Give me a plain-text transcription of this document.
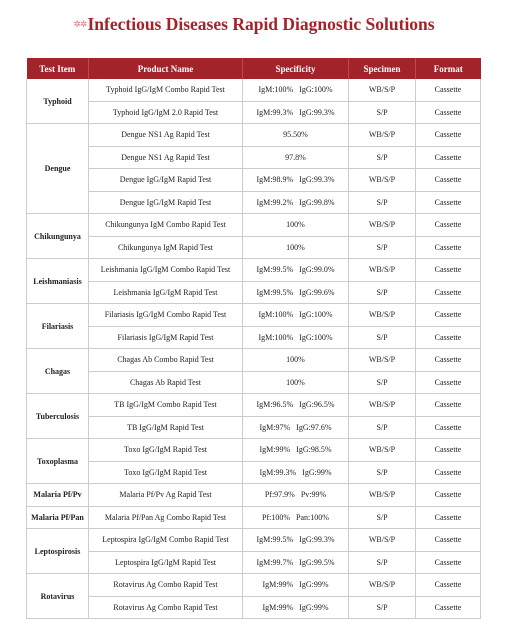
✲✲Infectious Diseases Rapid Diagnostic Solutions
Test Item	Product Name	Specificity	Specimen	Format
Typhoid	Typhoid IgG/IgM Combo Rapid Test	IgM:100%   IgG:100%	WB/S/P	Cassette
	Typhoid IgG/IgM 2.0 Rapid Test	IgM:99.3%   IgG:99.3%	S/P	Cassette
Dengue	Dengue NS1 Ag Rapid Test	95.50%	WB/S/P	Cassette
	Dengue NS1 Ag Rapid Test	97.8%	S/P	Cassette
	Dengue IgG/IgM Rapid Test	IgM:98.9%   IgG:99.3%	WB/S/P	Cassette
	Dengue IgG/IgM Rapid Test	IgM:99.2%   IgG:99.8%	S/P	Cassette
Chikungunya	Chikungunya IgM Combo Rapid Test	100%	WB/S/P	Cassette
	Chikungunya IgM Rapid Test	100%	S/P	Cassette
Leishmaniasis	Leishmania IgG/IgM Combo Rapid Test	IgM:99.5%   IgG:99.0%	WB/S/P	Cassette
	Leishmania IgG/IgM Rapid Test	IgM:99.5%   IgG:99.6%	S/P	Cassette
Filariasis	Filariasis IgG/IgM Combo Rapid Test	IgM:100%   IgG:100%	WB/S/P	Cassette
	Filariasis IgG/IgM Rapid Test	IgM:100%   IgG:100%	S/P	Cassette
Chagas	Chagas Ab Combo Rapid Test	100%	WB/S/P	Cassette
	Chagas Ab Rapid Test	100%	S/P	Cassette
Tuberculosis	TB IgG/IgM Combo Rapid Test	IgM:96.5%   IgG:96.5%	WB/S/P	Cassette
	TB IgG/IgM Rapid Test	IgM:97%   IgG:97.6%	S/P	Cassette
Toxoplasma	Toxo IgG/IgM Rapid Test	IgM:99%   IgG:98.5%	WB/S/P	Cassette
	Toxo IgG/IgM Rapid Test	IgM:99.3%   IgG:99%	S/P	Cassette
Malaria Pf/Pv	Malaria Pf/Pv Ag Rapid Test	Pf:97.9%   Pv:99%	WB/S/P	Cassette
Malaria Pf/Pan	Malaria Pf/Pan Ag Combo Rapid Test	Pf:100%   Pan:100%	S/P	Cassette
Leptospirosis	Leptospira IgG/IgM Combo Rapid Test	IgM:99.5%   IgG:99.3%	WB/S/P	Cassette
	Leptospira IgG/IgM Rapid Test	IgM:99.7%   IgG:99.5%	S/P	Cassette
Rotavirus	Rotavirus Ag Combo Rapid Test	IgM:99%   IgG:99%	WB/S/P	Cassette
	Rotavirus Ag Combo Rapid Test	IgM:99%   IgG:99%	S/P	Cassette
